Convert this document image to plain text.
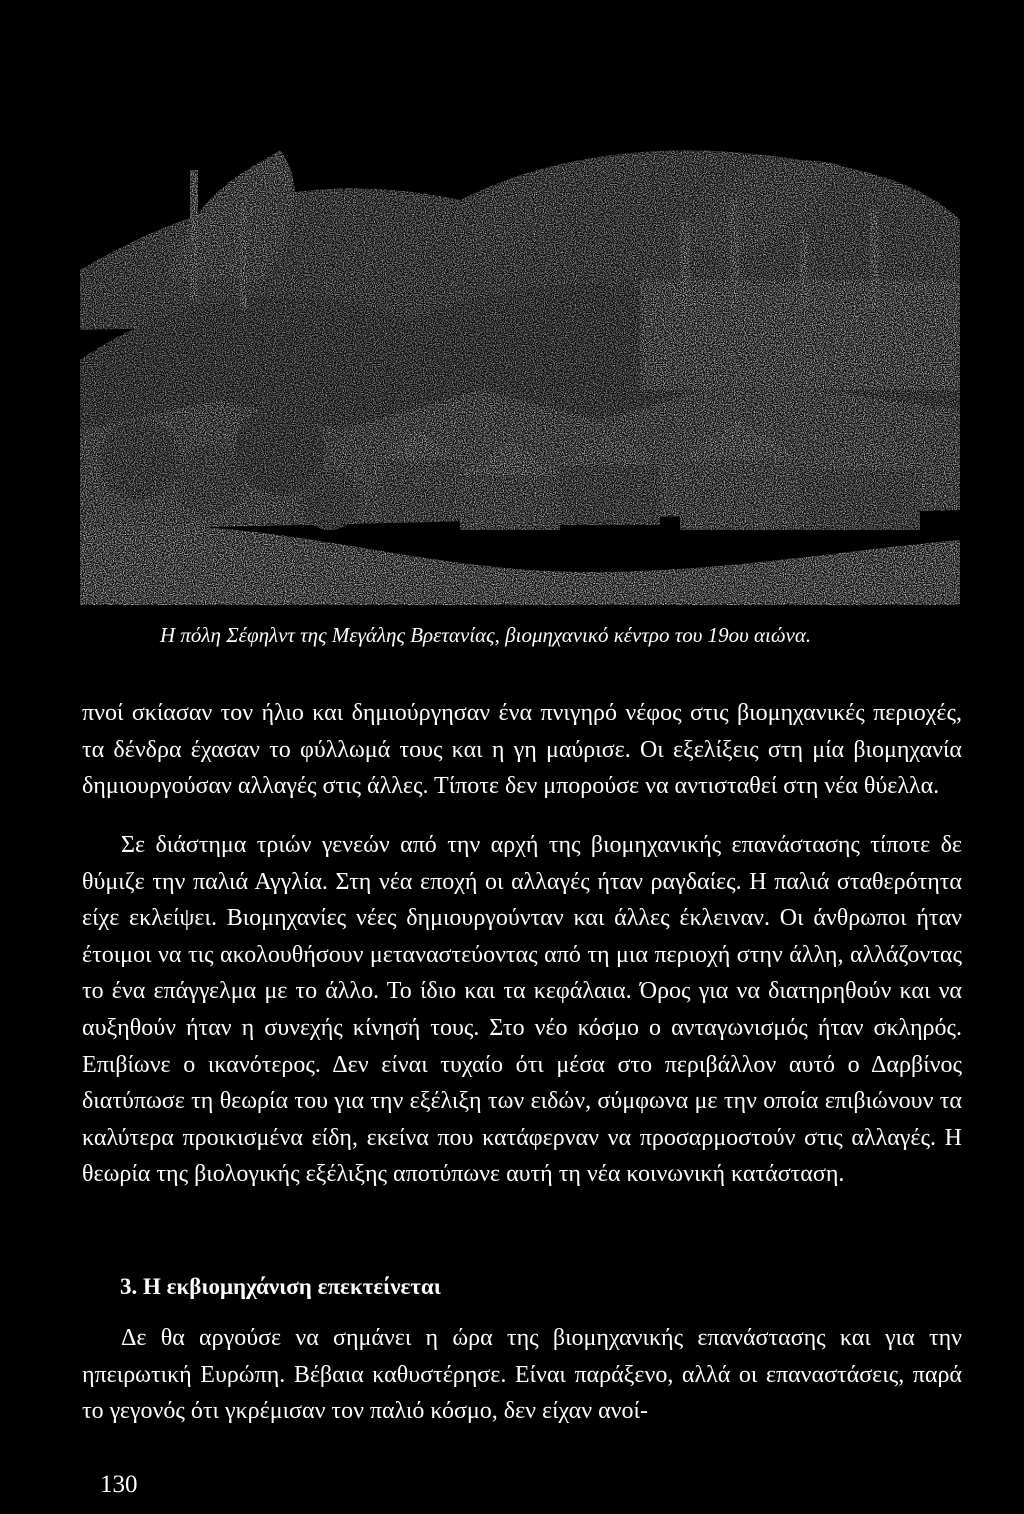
Η πόλη Σέφηλντ της Μεγάλης Βρετανίας, βιομηχανικό κέντρο του 19ου αιώνα.

πνοί σκίασαν τον ήλιο και δημιούργησαν ένα πνιγηρό νέφος στις βιομηχανικές περιοχές, τα δένδρα έχασαν το φύλλωμά τους και η γη μαύρισε. Οι εξελίξεις στη μία βιομηχανία δημιουργούσαν αλλαγές στις άλλες. Τίποτε δεν μπορούσε να αντισταθεί στη νέα θύελλα.

Σε διάστημα τριών γενεών από την αρχή της βιομηχανικής επανάστασης τίποτε δε θύμιζε την παλιά Αγγλία. Στη νέα εποχή οι αλλαγές ήταν ραγδαίες. Η παλιά σταθερότητα είχε εκλείψει. Βιομηχανίες νέες δημιουργούνταν και άλλες έκλειναν. Οι άνθρωποι ήταν έτοιμοι να τις ακολουθήσουν μεταναστεύοντας από τη μια περιοχή στην άλλη, αλλάζοντας το ένα επάγγελμα με το άλλο. Το ίδιο και τα κεφάλαια. Όρος για να διατηρηθούν και να αυξηθούν ήταν η συνεχής κίνησή τους. Στο νέο κόσμο ο ανταγωνισμός ήταν σκληρός. Επιβίωνε ο ικανότερος. Δεν είναι τυχαίο ότι μέσα στο περιβάλλον αυτό ο Δαρβίνος διατύπωσε τη θεωρία του για την εξέλιξη των ειδών, σύμφωνα με την οποία επιβιώνουν τα καλύτερα προικισμένα είδη, εκείνα που κατάφερναν να προσαρμοστούν στις αλλαγές. Η θεωρία της βιολογικής εξέλιξης αποτύπωνε αυτή τη νέα κοινωνική κατάσταση.

3. Η εκβιομηχάνιση επεκτείνεται

Δε θα αργούσε να σημάνει η ώρα της βιομηχανικής επανάστασης και για την ηπειρωτική Ευρώπη. Βέβαια καθυστέρησε. Είναι παράξενο, αλλά οι επαναστάσεις, παρά το γεγονός ότι γκρέμισαν τον παλιό κόσμο, δεν είχαν ανοί-

130
